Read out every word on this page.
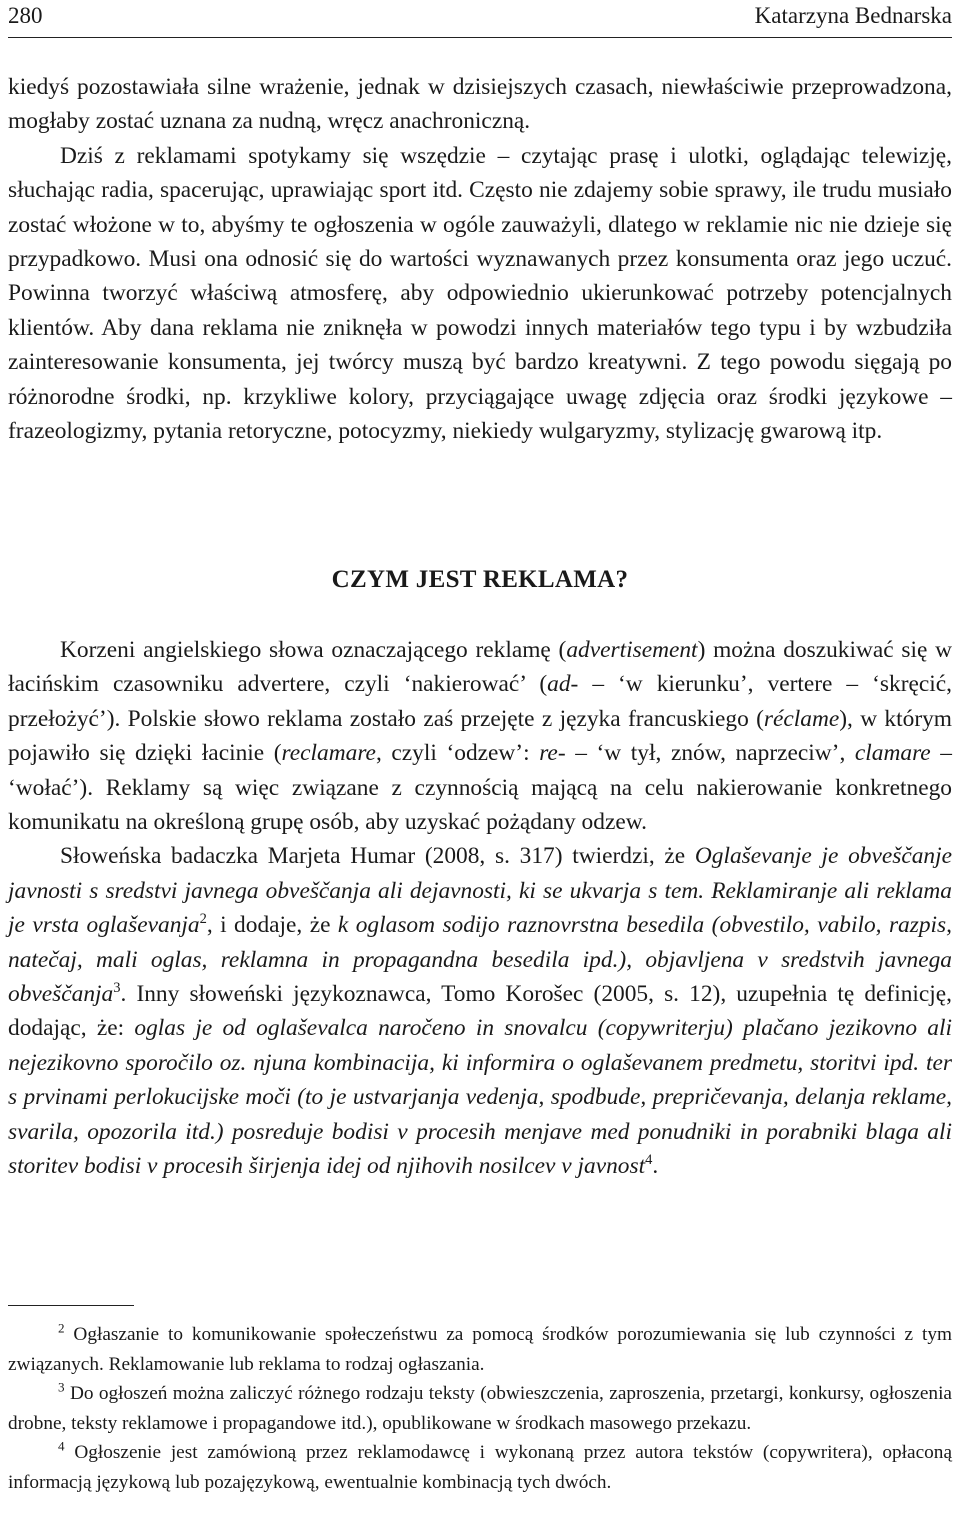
280	Katarzyna Bednarska

kiedyś pozostawiała silne wrażenie, jednak w dzisiejszych czasach, niewłaściwie przeprowadzona, mogłaby zostać uznana za nudną, wręcz anachroniczną.

Dziś z reklamami spotykamy się wszędzie – czytając prasę i ulotki, oglądając telewizję, słuchając radia, spacerując, uprawiając sport itd. Często nie zdajemy sobie sprawy, ile trudu musiało zostać włożone w to, abyśmy te ogłoszenia w ogóle zauważyli, dlatego w reklamie nic nie dzieje się przypadkowo. Musi ona odnosić się do wartości wyznawanych przez konsumenta oraz jego uczuć. Powinna tworzyć właściwą atmosferę, aby odpowiednio ukierunkować potrzeby potencjalnych klientów. Aby dana reklama nie zniknęła w powodzi innych materiałów tego typu i by wzbudziła zainteresowanie konsumenta, jej twórcy muszą być bardzo kreatywni. Z tego powodu sięgają po różnorodne środki, np. krzykliwe kolory, przyciągające uwagę zdjęcia oraz środki językowe – frazeologizmy, pytania retoryczne, potocyzmy, niekiedy wulgaryzmy, stylizację gwarową itp.

CZYM JEST REKLAMA?

Korzeni angielskiego słowa oznaczającego reklamę (advertisement) można doszukiwać się w łacińskim czasowniku advertere, czyli ‘nakierować’ (ad- – ‘w kierunku’, vertere – ‘skręcić, przełożyć’). Polskie słowo reklama zostało zaś przejęte z języka francuskiego (réclame), w którym pojawiło się dzięki łacinie (reclamare, czyli ‘odzew’: re- – ‘w tył, znów, naprzeciw’, clamare – ‘wołać’). Reklamy są więc związane z czynnością mającą na celu nakierowanie konkretnego komunikatu na określoną grupę osób, aby uzyskać pożądany odzew.

Słoweńska badaczka Marjeta Humar (2008, s. 317) twierdzi, że Oglaševanje je obveščanje javnosti s sredstvi javnega obveščanja ali dejavnosti, ki se ukvarja s tem. Reklamiranje ali reklama je vrsta oglaševanja$^2$, i dodaje, że k oglasom sodijo raznovrstna besedila (obvestilo, vabilo, razpis, natečaj, mali oglas, reklamna in propagandna besedila ipd.), objavljena v sredstvih javnega obveščanja$^3$. Inny słoweński językoznawca, Tomo Korošec (2005, s. 12), uzupełnia tę definicję, dodając, że: oglas je od oglaševalca naročeno in snovalcu (copywriterju) plačano jezikovno ali nejezikovno sporočilo oz. njuna kombinacija, ki informira o oglaševanem predmetu, storitvi ipd. ter s prvinami perlokucijske moči (to je ustvarjanja vedenja, spodbude, prepričevanja, delanja reklame, svarila, opozorila itd.) posreduje bodisi v procesih menjave med ponudniki in porabniki blaga ali storitev bodisi v procesih širjenja idej od njihovih nosilcev v javnost$^4$.

$^2$ Ogłaszanie to komunikowanie społeczeństwu za pomocą środków porozumiewania się lub czynności z tym związanych. Reklamowanie lub reklama to rodzaj ogłaszania.

$^3$ Do ogłoszeń można zaliczyć różnego rodzaju teksty (obwieszczenia, zaproszenia, przetargi, konkursy, ogłoszenia drobne, teksty reklamowe i propagandowe itd.), opublikowane w środkach masowego przekazu.

$^4$ Ogłoszenie jest zamówioną przez reklamodawcę i wykonaną przez autora tekstów (copywritera), opłaconą informacją językową lub pozajęzykową, ewentualnie kombinacją tych dwóch.
